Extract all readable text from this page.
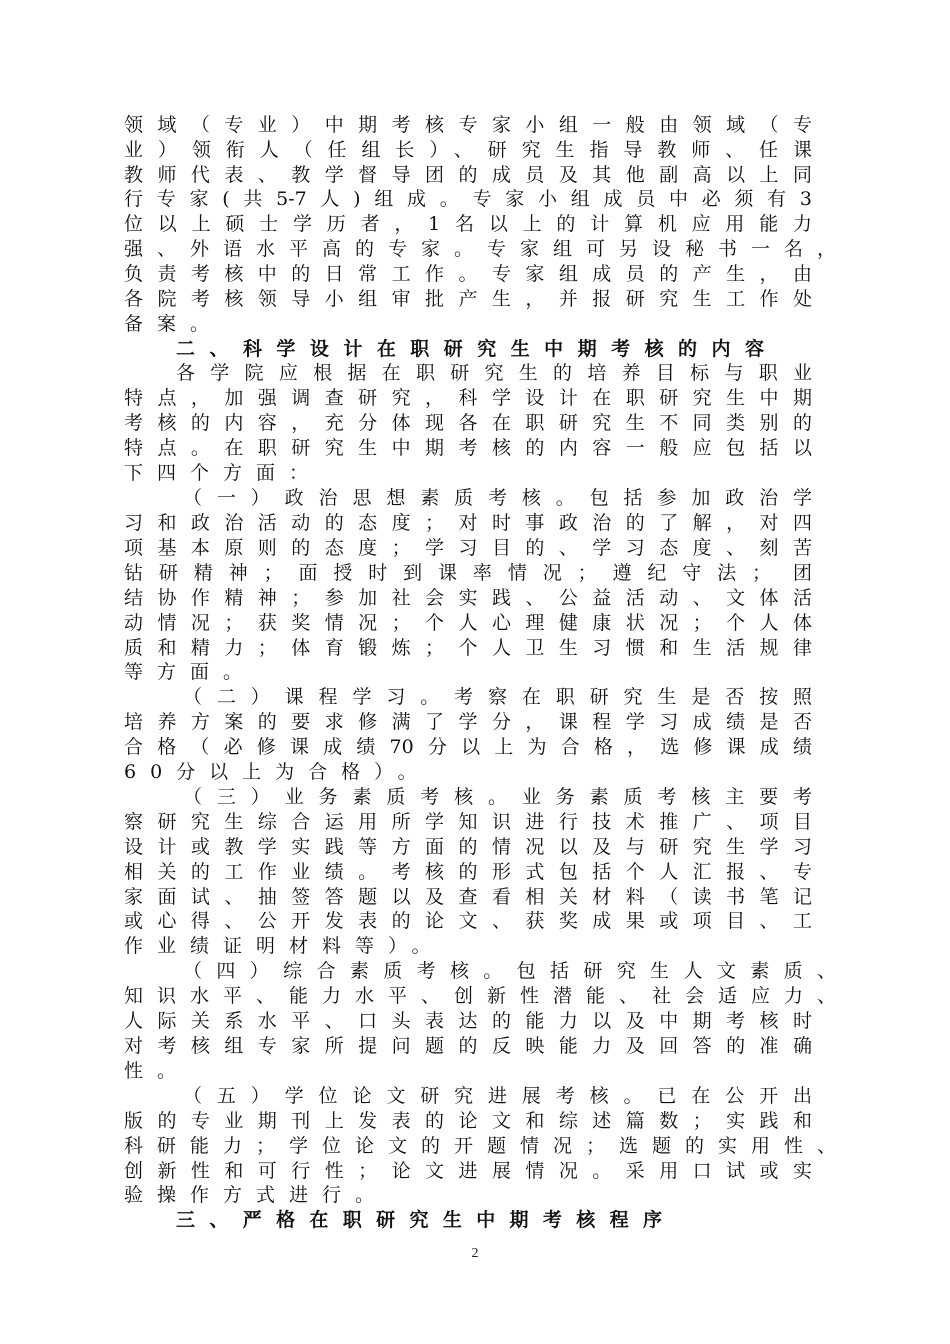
领域（专业）中期考核专家小组一般由领域（专
业）领衔人（任组长）、研究生指导教师、任课
教师代表、教学督导团的成员及其他副高以上同
行专家(共5-7人)组成。专家小组成员中必须有3
位以上硕士学历者，1名以上的计算机应用能力
强、外语水平高的专家。专家组可另设秘书一名，
负责考核中的日常工作。专家组成员的产生，由
各院考核领导小组审批产生，并报研究生工作处
备案。
二、科学设计在职研究生中期考核的内容
各学院应根据在职研究生的培养目标与职业
特点，加强调查研究，科学设计在职研究生中期
考核的内容，充分体现各在职研究生不同类别的
特点。在职研究生中期考核的内容一般应包括以
下四个方面：
（一）政治思想素质考核。包括参加政治学
习和政治活动的态度；对时事政治的了解，对四
项基本原则的态度；学习目的、学习态度、刻苦
钻研精神；面授时到课率情况；遵纪守法； 团
结协作精神；参加社会实践、公益活动、文体活
动情况；获奖情况；个人心理健康状况；个人体
质和精力；体育锻炼；个人卫生习惯和生活规律
等方面。
（二）课程学习。考察在职研究生是否按照
培养方案的要求修满了学分，课程学习成绩是否
合格（必修课成绩70分以上为合格，选修课成绩
60分以上为合格）。
（三）业务素质考核。业务素质考核主要考
察研究生综合运用所学知识进行技术推广、项目
设计或教学实践等方面的情况以及与研究生学习
相关的工作业绩。考核的形式包括个人汇报、专
家面试、抽签答题以及查看相关材料（读书笔记
或心得、公开发表的论文、获奖成果或项目、工
作业绩证明材料等）。
（四）综合素质考核。包括研究生人文素质、
知识水平、能力水平、创新性潜能、社会适应力、
人际关系水平、口头表达的能力以及中期考核时
对考核组专家所提问题的反映能力及回答的准确
性。
（五）学位论文研究进展考核。已在公开出
版的专业期刊上发表的论文和综述篇数；实践和
科研能力；学位论文的开题情况；选题的实用性、
创新性和可行性；论文进展情况。采用口试或实
验操作方式进行。
三、严格在职研究生中期考核程序
2
